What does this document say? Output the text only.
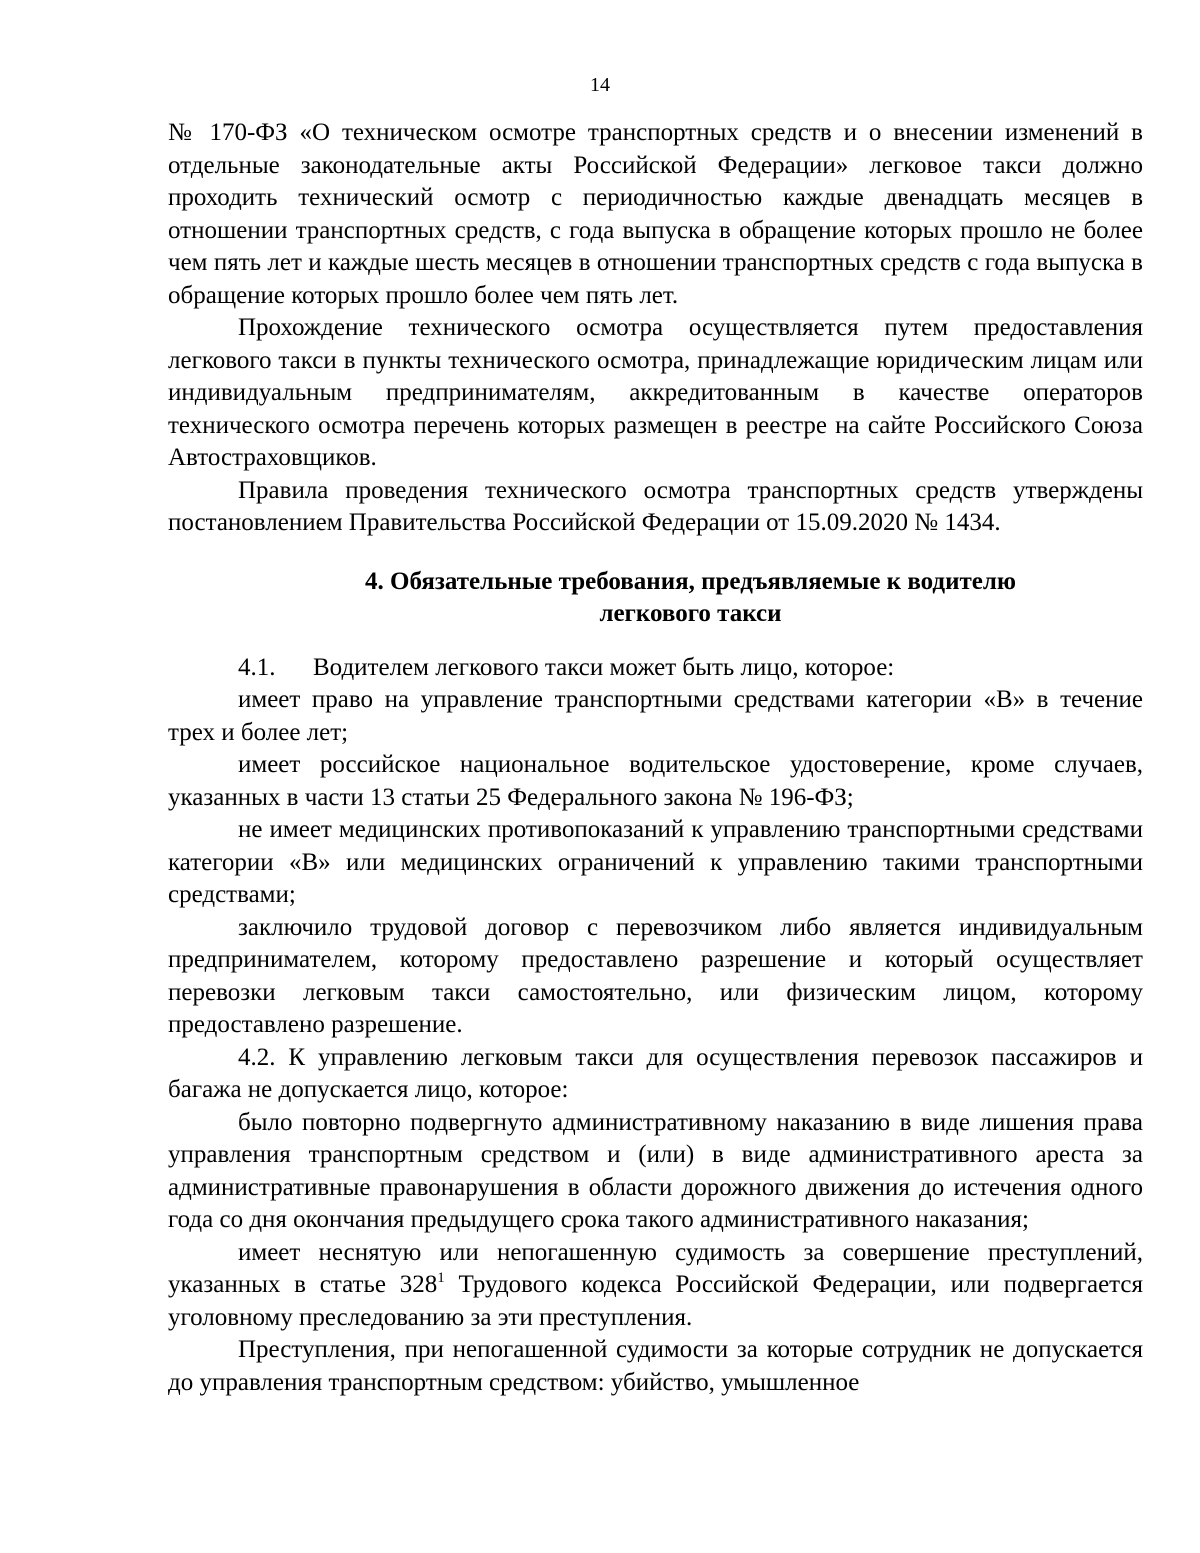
14

№ 170-ФЗ «О техническом осмотре транспортных средств и о внесении изменений в отдельные законодательные акты Российской Федерации» легковое такси должно проходить технический осмотр с периодичностью каждые двенадцать месяцев в отношении транспортных средств, с года выпуска в обращение которых прошло не более чем пять лет и каждые шесть месяцев в отношении транспортных средств с года выпуска в обращение которых прошло более чем пять лет.

Прохождение технического осмотра осуществляется путем предоставления легкового такси в пункты технического осмотра, принадлежащие юридическим лицам или индивидуальным предпринимателям, аккредитованным в качестве операторов технического осмотра перечень которых размещен в реестре на сайте Российского Союза Автостраховщиков.

Правила проведения технического осмотра транспортных средств утверждены постановлением Правительства Российской Федерации от 15.09.2020 № 1434.

4. Обязательные требования, предъявляемые к водителю
легкового такси

4.1. Водителем легкового такси может быть лицо, которое:

имеет право на управление транспортными средствами категории «В» в течение трех и более лет;

имеет российское национальное водительское удостоверение, кроме случаев, указанных в части 13 статьи 25 Федерального закона № 196-ФЗ;

не имеет медицинских противопоказаний к управлению транспортными средствами категории «В» или медицинских ограничений к управлению такими транспортными средствами;

заключило трудовой договор с перевозчиком либо является индивидуальным предпринимателем, которому предоставлено разрешение и который осуществляет перевозки легковым такси самостоятельно, или физическим лицом, которому предоставлено разрешение.

4.2. К управлению легковым такси для осуществления перевозок пассажиров и багажа не допускается лицо, которое:

было повторно подвергнуто административному наказанию в виде лишения права управления транспортным средством и (или) в виде административного ареста за административные правонарушения в области дорожного движения до истечения одного года со дня окончания предыдущего срока такого административного наказания;

имеет неснятую или непогашенную судимость за совершение преступлений, указанных в статье $328^1$ Трудового кодекса Российской Федерации, или подвергается уголовному преследованию за эти преступления.

Преступления, при непогашенной судимости за которые сотрудник не допускается до управления транспортным средством: убийство, умышленное
